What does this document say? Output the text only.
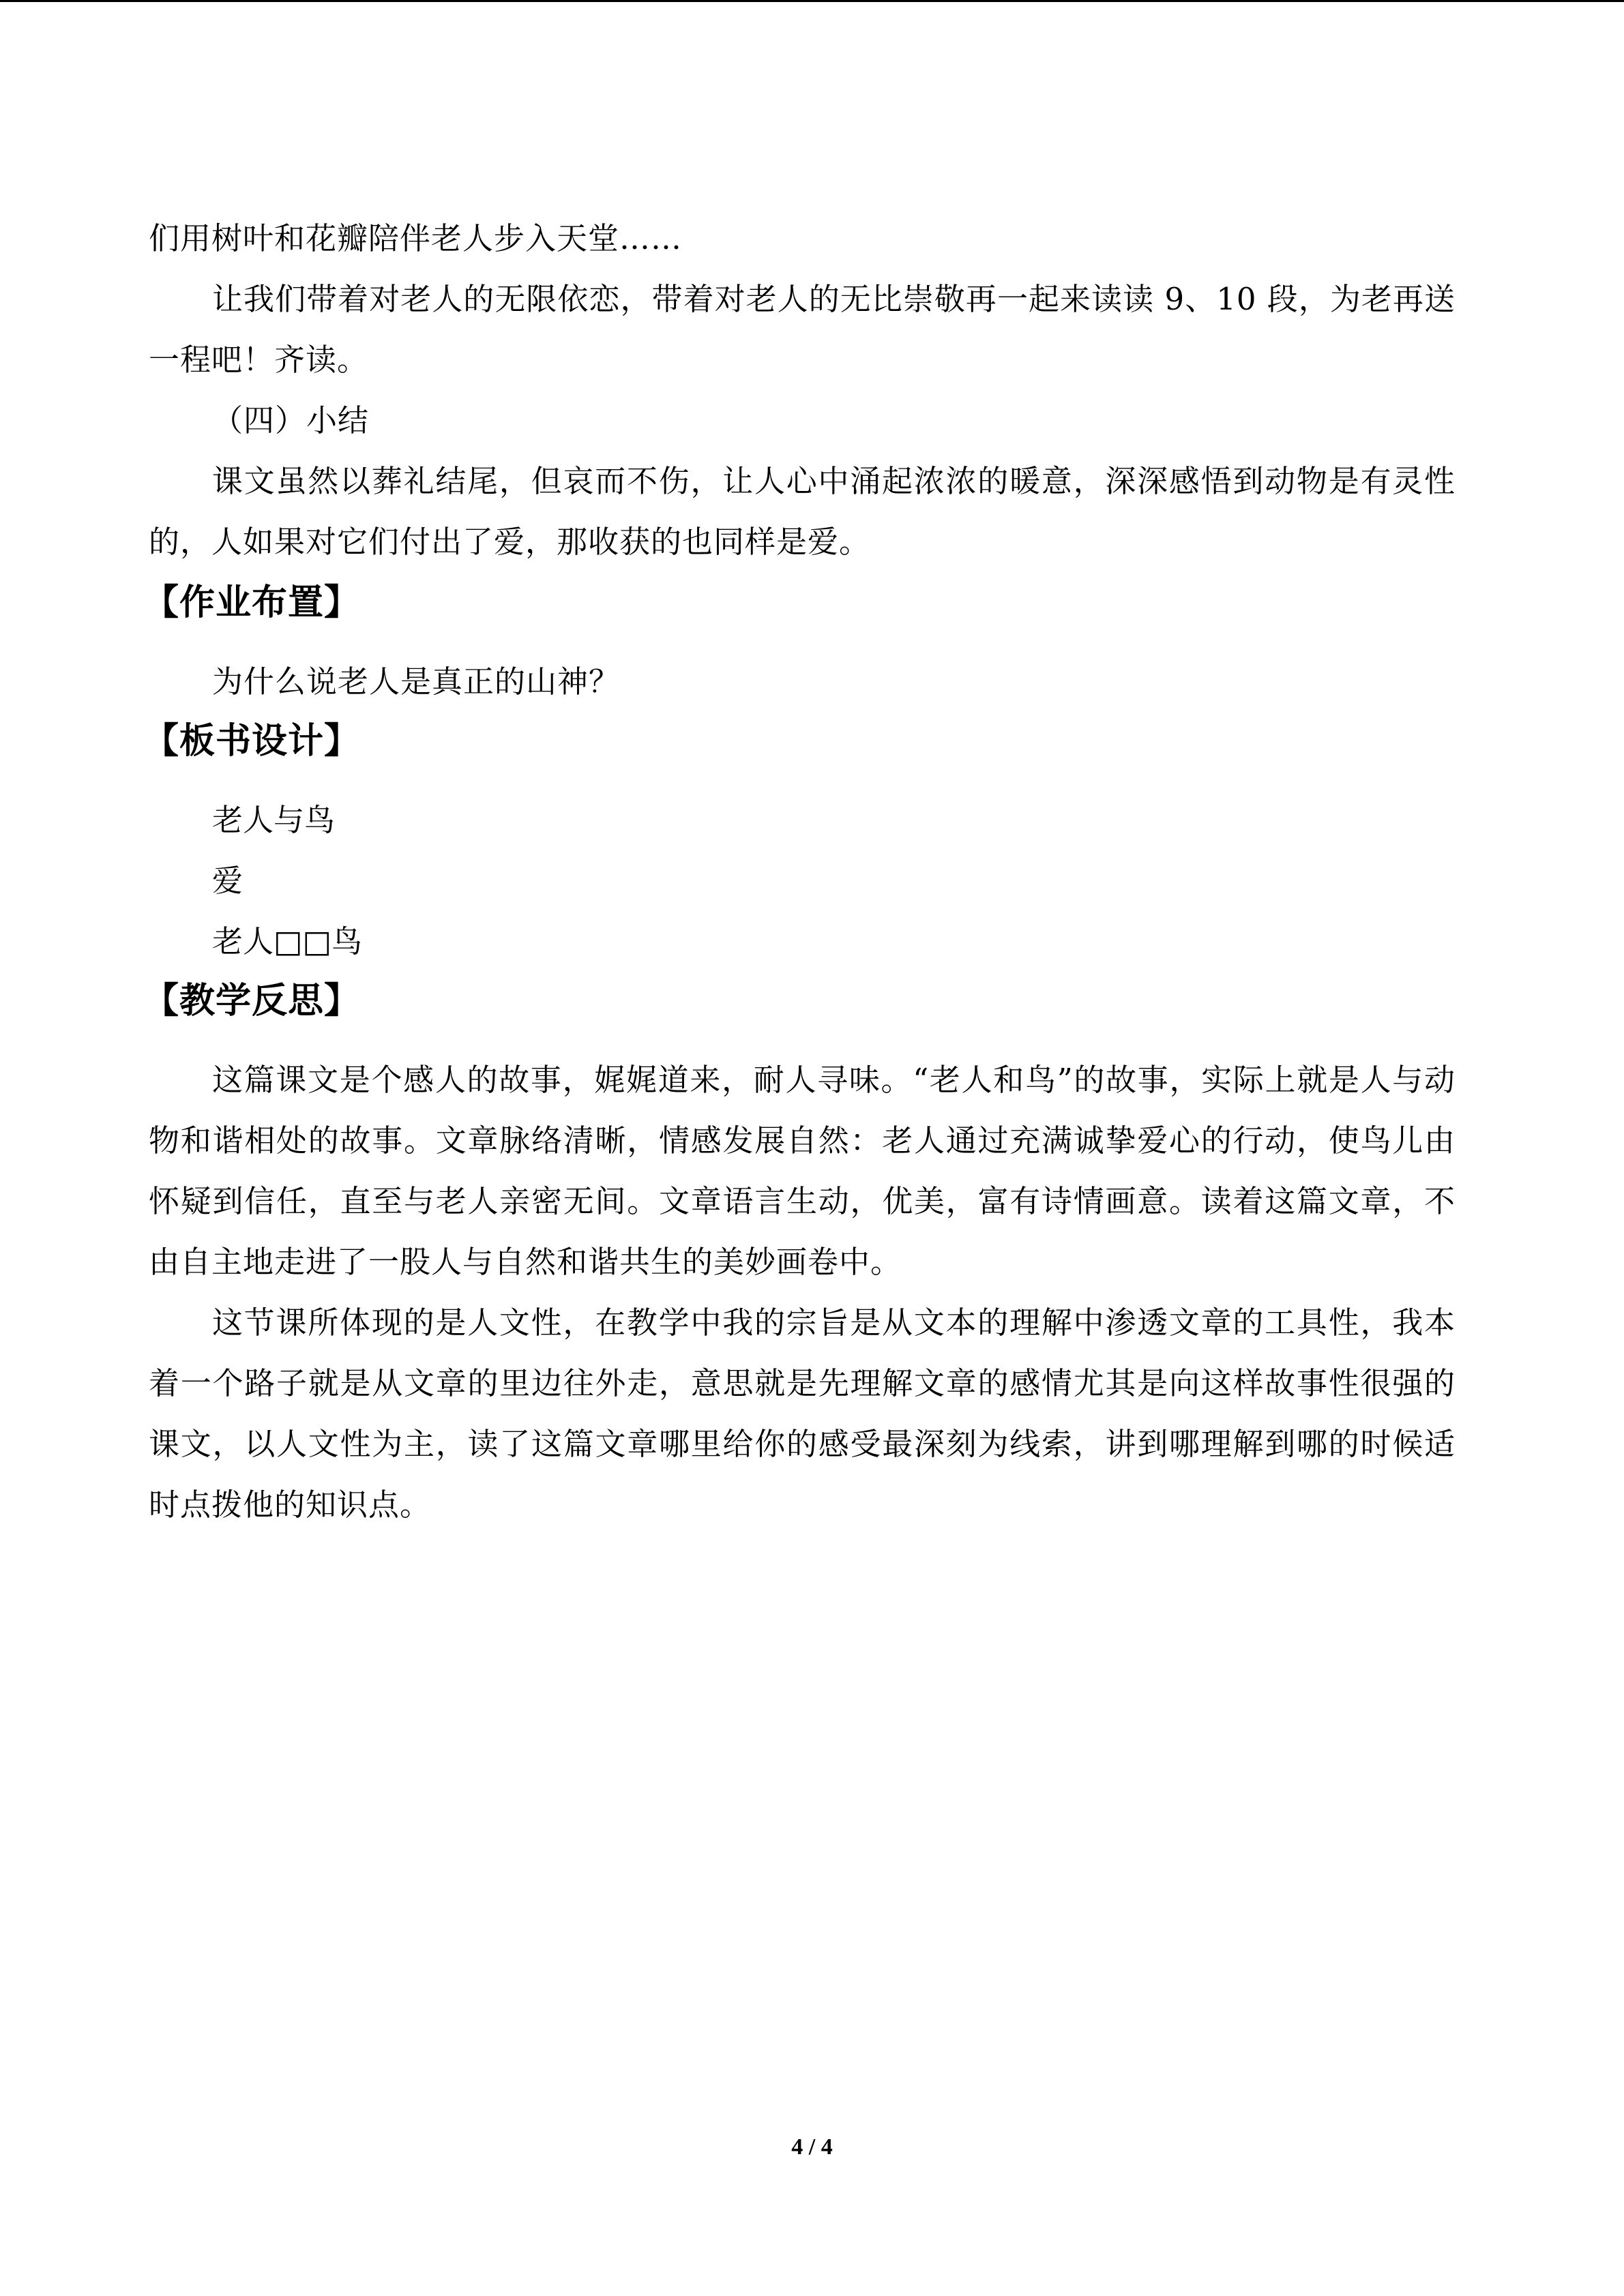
们用树叶和花瓣陪伴老人步入天堂……

让我们带着对老人的无限依恋，带着对老人的无比崇敬再一起来读读 9、10 段，为老再送一程吧！齐读。

（四）小结

课文虽然以葬礼结尾，但哀而不伤，让人心中涌起浓浓的暖意，深深感悟到动物是有灵性的，人如果对它们付出了爱，那收获的也同样是爱。

【作业布置】

为什么说老人是真正的山神？

【板书设计】

老人与鸟

爱

老人□□鸟

【教学反思】

这篇课文是个感人的故事，娓娓道来，耐人寻味。“老人和鸟”的故事，实际上就是人与动物和谐相处的故事。文章脉络清晰，情感发展自然：老人通过充满诚挚爱心的行动，使鸟儿由怀疑到信任，直至与老人亲密无间。文章语言生动，优美，富有诗情画意。读着这篇文章，不由自主地走进了一股人与自然和谐共生的美妙画卷中。

这节课所体现的是人文性，在教学中我的宗旨是从文本的理解中渗透文章的工具性，我本着一个路子就是从文章的里边往外走，意思就是先理解文章的感情尤其是向这样故事性很强的课文，以人文性为主，读了这篇文章哪里给你的感受最深刻为线索，讲到哪理解到哪的时候适时点拨他的知识点。

4 / 4
